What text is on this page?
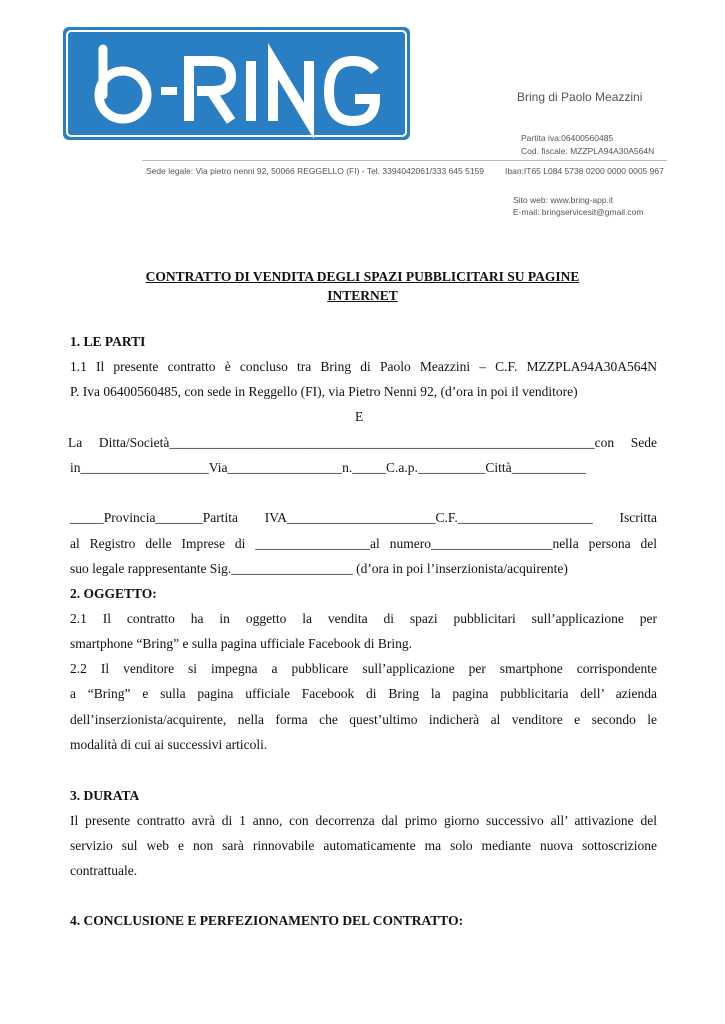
Bring di Paolo Meazzini
Partita iva:06400560485
Cod. fiscale: MZZPLA94A30A564N
Sede legale: Via pietro nenni 92, 50066 REGGELLO (FI) - Tel. 3394042061/333 645 5159 Iban:IT65 L084 5738 0200 0000 0005 967
Sito web: www.bring-app.it
E-mail: bringservicesit@gmail.com
CONTRATTO DI VENDITA DEGLI SPAZI PUBBLICITARI SU PAGINE
INTERNET
1. LE PARTI
1.1 Il presente contratto è concluso tra Bring di Paolo Meazzini – C.F. MZZPLA94A30A564N
P. Iva 06400560485, con sede in Reggello (FI), via Pietro Nenni 92, (d’ora in poi il venditore)
E
La Ditta/Società_______________________________________________________________con Sede
in___________________Via_________________n._____C.a.p.__________Città___________
_____Provincia_______Partita IVA______________________C.F.____________________ Iscritta
al Registro delle Imprese di _________________al numero__________________nella persona del
suo legale rappresentante Sig.__________________ (d’ora in poi l’inserzionista/acquirente)
2. OGGETTO:
2.1 Il contratto ha in oggetto la vendita di spazi pubblicitari sull’applicazione per
smartphone “Bring” e sulla pagina ufficiale Facebook di Bring.
2.2 Il venditore si impegna a pubblicare sull’applicazione per smartphone corrispondente
a “Bring” e sulla pagina ufficiale Facebook di Bring la pagina pubblicitaria dell’ azienda
dell’inserzionista/acquirente, nella forma che quest’ultimo indicherà al venditore e secondo le
modalità di cui ai successivi articoli.
3. DURATA
Il presente contratto avrà di 1 anno, con decorrenza dal primo giorno successivo all’ attivazione del
servizio sul web e non sarà rinnovabile automaticamente ma solo mediante nuova sottoscrizione
contrattuale.
4. CONCLUSIONE E PERFEZIONAMENTO DEL CONTRATTO:
